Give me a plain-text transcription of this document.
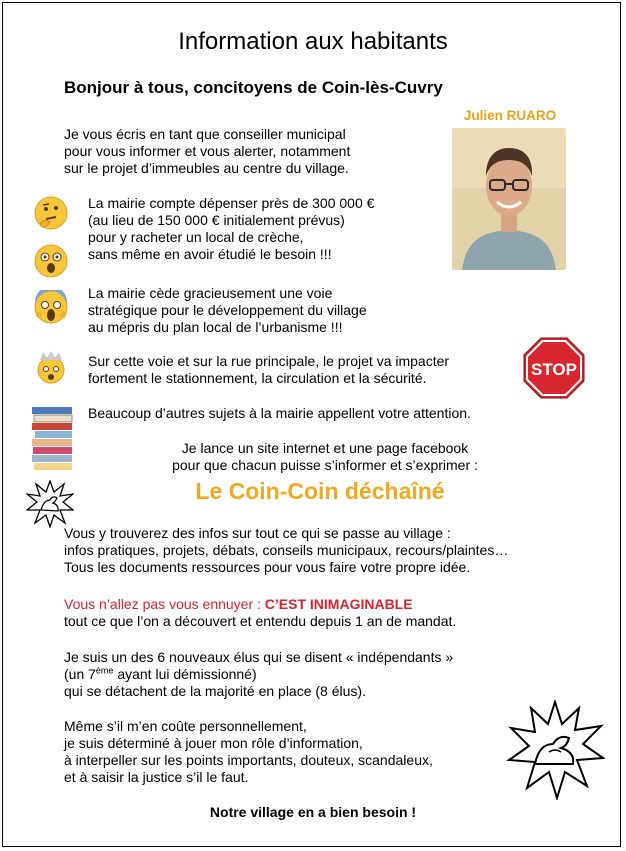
Information aux habitants
Bonjour à tous, concitoyens de Coin-lès-Cuvry
Julien RUARO
Je vous écris en tant que conseiller municipal
pour vous informer et vous alerter, notamment
sur le projet d’immeubles au centre du village.
La mairie compte dépenser près de 300 000 €
(au lieu de 150 000 € initialement prévus)
pour y racheter un local de crèche,
sans même en avoir étudié le besoin !!!
La mairie cède gracieusement une voie
stratégique pour le développement du village
au mépris du plan local de l’urbanisme !!!
Sur cette voie et sur la rue principale, le projet va impacter
fortement le stationnement, la circulation et la sécurité.
Beaucoup d’autres sujets à la mairie appellent votre attention.
STOP
Je lance un site internet et une page facebook
pour que chacun puisse s’informer et s’exprimer :
Le Coin-Coin déchaîné
Vous y trouverez des infos sur tout ce qui se passe au village :
infos pratiques, projets, débats, conseils municipaux, recours/plaintes…
Tous les documents ressources pour vous faire votre propre idée.
Vous n’allez pas vous ennuyer : C’EST INIMAGINABLE
tout ce que l’on a découvert et entendu depuis 1 an de mandat.
Je suis un des 6 nouveaux élus qui se disent « indépendants »
(un 7ème ayant lui démissionné)
qui se détachent de la majorité en place (8 élus).
Même s’il m’en coûte personnellement,
je suis déterminé à jouer mon rôle d’information,
à interpeller sur les points importants, douteux, scandaleux,
et à saisir la justice s’il le faut.
Notre village en a bien besoin !
